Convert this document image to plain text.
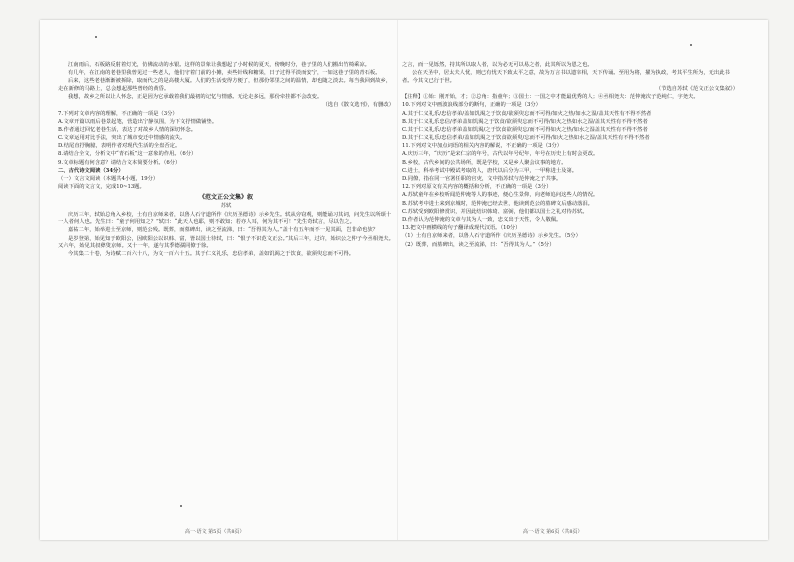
江南雨后，石板路反射着灯光，仿佛流动的水银。这样的景象让我想起了小时候的夏天，傍晚时分，巷子里的人们搬出竹椅乘凉。

有几年，在江南的老巷里我曾见过一些老人，他们守着门前的小摊，卖些针线和糖果，日子过得平淡而安宁，一如这巷子里的青石板。

后来，这些老巷渐渐被拆除，取而代之的是高楼大厦。人们的生活变得方便了，但那份邻里之间的温情，却也随之淡去。每当我回到故乡，走在新修的马路上，总会想起那些曾经的黄昏。

我想，故乡之所以让人怀念，正是因为它承载着我们最初的记忆与情感。无论走多远，那份牵挂都不会改变。

（选自《散文选刊》，有删改）

7.下列对文章内容的理解，不正确的一项是（3分）

A.文章开篇以雨后巷景起笔，营造出宁静氛围，为下文抒情做铺垫。

B.作者通过回忆老巷生活，表达了对故乡人情的深切怀念。

C.文章运用对比手法，突出了城市变迁中情感的流失。

D.结尾直抒胸臆，表明作者对现代生活的全盘否定。

8.请结合全文，分析文中“青石板”这一意象的作用。（6分）

9.文章标题有何含意？请结合文本简要分析。（6分）

二、古代诗文阅读（34分）

（一）文言文阅读（本题共4小题，19分）

阅读下面的文言文，完成10~13题。

《范文正公文集》叙

苏轼

庆历三年，轼始总角入乡校，士有自京师来者，以鲁人石守道所作《庆历圣德诗》示乡先生。轼从旁窃观，则能诵习其词，问先生以所颂十一人者何人也。先生曰：“童子何用知之？”轼曰：“此天人也耶，则不敢知；若亦人耳，何为其不可！”先生奇轼言，尽以告之。

嘉祐二年，始举进士至京师，则范公殁。既葬，而墓碑出，读之至流涕，曰：“吾得其为人。”盖十有五年而不一见其面，岂非命也欤？

是岁登第，始见知于欧阳公，因欧阳公以识韩、富，皆以国士待轼，曰：“恨子不识范文正公。”其后三年，过许，始识公之仲子今丞相尧夫。又六年，始见其叔彝叟京师。又十一年，遂与其季德孺同僚于徐。

今其集二十卷，为诗赋二百六十八，为文一百六十五。其于仁义礼乐，忠信孝弟，盖如饥渴之于饮食，欲须臾忘而不可得。

之言，而一见铄然，持其所以取人者，以为必无可以易之者，此其所以为恩之也。

公在天圣中，居太夫人忧，则已有忧天下致太平之意，故为万言书以遗宰相，天下传诵。至用为将，擢为执政，考其平生所为，无出此书者。今其文已行于世。

（节选自苏轼《范文正公文集叙》）

【注释】①始：刚开始，才；②总角：指童年；③国士：一国之中才能最优秀的人；④丞相尧夫：范仲淹次子范纯仁，字尧夫。

10.下列对文中画波浪线部分的断句，正确的一项是（3分）

A.其于仁义礼乐/忠信孝弟/盖如饥渴之于饮食/欲须臾忘而不可得/如火之热/如水之湿/盖其天性有不得不然者

B.其于仁义礼乐忠信/孝弟盖如饥渴之于饮食/欲须臾忘而不可得/如火之热如水之湿/盖其天性有不得不然者

C.其于仁义礼乐/忠信孝弟盖如饥渴/之于饮食欲须臾忘/而不可得如火之热/如水之湿盖其天性有不得不然者

D.其于仁义礼乐/忠信孝弟/盖如饥渴之于饮食欲须臾/忘而不可得/如火之热如水之湿/盖其天性有不得不然者

11.下列对文中加点词语的相关内容的解说，不正确的一项是（3分）

A.庆历三年，“庆历”是宋仁宗的年号，古代以年号纪年，年号在历史上有时会更改。

B.乡校，古代乡间的公共场所，既是学校，又是乡人聚会议事的地方。

C.进士，科举考试中殿试考取的人，唐代以后分为三甲，一甲称进士及第。

D.同僚，指在同一官署任职的官吏，文中指苏轼与范仲淹之子共事。

12.下列对原文有关内容的概括和分析，不正确的一项是（3分）

A.苏轼童年在乡校听闻范仲淹等人的事迹，便心生景仰，向老师追问这些人的情况。

B.苏轼考中进士来到京城时，范仲淹已经去世，他读到范公的墓碑文后感动落泪。

C.苏轼受到欧阳修赏识，并因此结识韩琦、富弼，他们都以国士之礼对待苏轼。

D.作者认为范仲淹的文章与其为人一致，忠义出于天性，令人敬佩。

13.把文中画横线的句子翻译成现代汉语。（10分）

（1）士有自京师来者，以鲁人石守道所作《庆历圣德诗》示乡先生。（5分）

（2）既葬，而墓碑出，读之至流涕，曰：“吾得其为人。”（5分）

高一·语文 第5页（共8页）	高一·语文 第6页（共8页）
